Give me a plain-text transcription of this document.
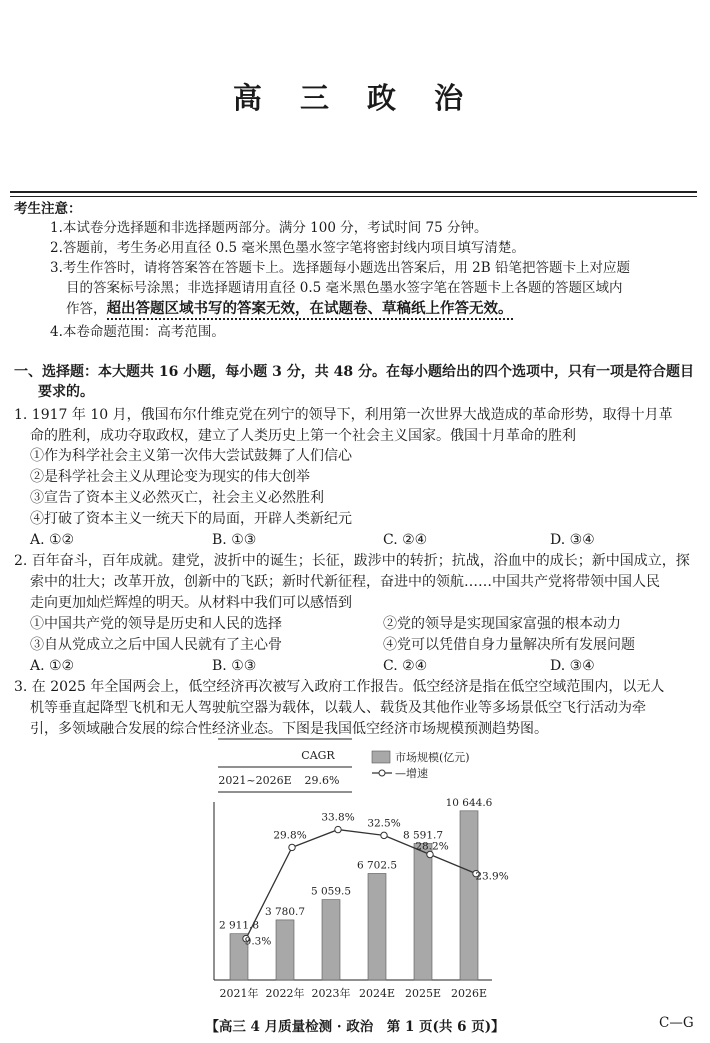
高 三 政 治
考生注意：
1.本试卷分选择题和非选择题两部分。满分 100 分，考试时间 75 分钟。
2.答题前，考生务必用直径 0.5 毫米黑色墨水签字笔将密封线内项目填写清楚。
3.考生作答时，请将答案答在答题卡上。选择题每小题选出答案后，用 2B 铅笔把答题卡上对应题
目的答案标号涂黑；非选择题请用直径 0.5 毫米黑色墨水签字笔在答题卡上各题的答题区域内
作答，超出答题区域书写的答案无效，在试题卷、草稿纸上作答无效。
4.本卷命题范围：高考范围。
一、选择题：本大题共 16 小题，每小题 3 分，共 48 分。在每小题给出的四个选项中，只有一项是符合题目
要求的。
1. 1917 年 10 月，俄国布尔什维克党在列宁的领导下，利用第一次世界大战造成的革命形势，取得十月革
命的胜利，成功夺取政权，建立了人类历史上第一个社会主义国家。俄国十月革命的胜利
①作为科学社会主义第一次伟大尝试鼓舞了人们信心
②是科学社会主义从理论变为现实的伟大创举
③宣告了资本主义必然灭亡，社会主义必然胜利
④打破了资本主义一统天下的局面，开辟人类新纪元
A. ①②	B. ①③	C. ②④	D. ③④
2. 百年奋斗，百年成就。建党，波折中的诞生；长征，跋涉中的转折；抗战，浴血中的成长；新中国成立，探
索中的壮大；改革开放，创新中的飞跃；新时代新征程，奋进中的领航……中国共产党将带领中国人民
走向更加灿烂辉煌的明天。从材料中我们可以感悟到
①中国共产党的领导是历史和人民的选择	②党的领导是实现国家富强的根本动力
③自从党成立之后中国人民就有了主心骨	④党可以凭借自身力量解决所有发展问题
A. ①②	B. ①③	C. ②④	D. ③④
3. 在 2025 年全国两会上，低空经济再次被写入政府工作报告。低空经济是指在低空空域范围内，以无人
机等垂直起降型飞机和无人驾驶航空器为载体，以载人、载货及其他作业等多场景低空飞行活动为牵
引，多领域融合发展的综合性经济业态。下图是我国低空经济市场规模预测趋势图。
CAGR
2021~2026E 29.6%
市场规模(亿元)
—增速
2 911.8
2021年
3 780.7
2022年
5 059.5
2023年
6 702.5
2024E
8 591.7
2025E
10 644.6
2026E
9.3%
29.8%
33.8% 32.5%
28.2%
23.9%
【高三 4 月质量检测 · 政治　第 1 页(共 6 页)】	C—G
